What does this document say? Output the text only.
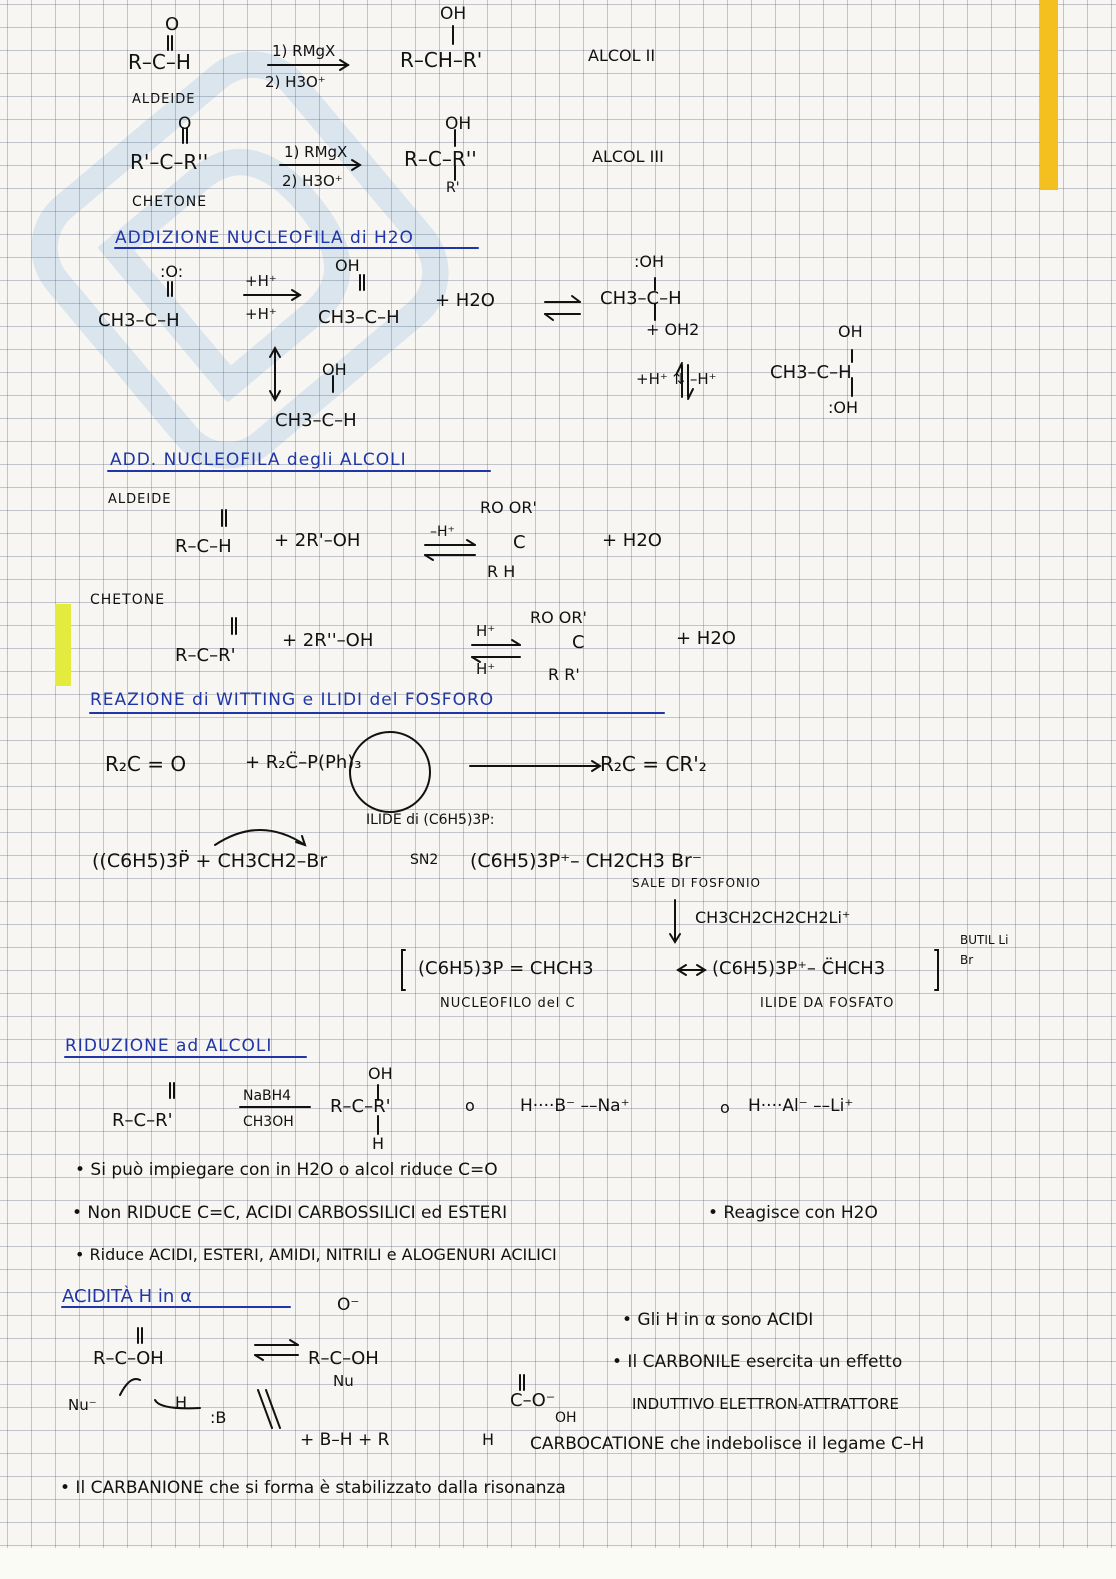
O
R–C–H	1) RMgX
2) H3O⁺
OH
R–CH–R'	ALCOL II
ALDEIDE
O
R'–C–R''	1) RMgX
2) H3O⁺
OH
R–C–R''
R'
ALCOL III
CHETONE
ADDIZIONE NUCLEOFILA di H2O
:O:
CH3–C–H
+H⁺
+H⁺
OH
CH3–C–H
+ H2O
:OH
CH3–C–H
+ OH2
+H⁺ ⇅ –H⁺
OH
CH3–C–H
:OH
OH
CH3–C–H
ADD. NUCLEOFILA degli ALCOLI
ALDEIDE
R–C–H + 2R'–OH	–H⁺
RO OR'
C
R H
+ H2O
CHETONE
R–C–R'
+ 2R''–OH	H⁺
H⁺
RO OR'
C
R R'
+ H2O
REAZIONE di WITTING e ILIDI del FOSFORO
R₂C = O	+ R₂C̈–P(Ph)₃	R₂C = CR'₂
ILIDE di (C6H5)3P:
((C6H5)3P̈ + CH3CH2–Br	SN2 (C6H5)3P⁺– CH2CH3 Br⁻
SALE DI FOSFONIO
CH3CH2CH2CH2Li⁺
BUTIL Li Br
(C6H5)3P = CHCH3	(C6H5)3P⁺– C̈HCH3
NUCLEOFILO del C	ILIDE DA FOSFATO
RIDUZIONE ad ALCOLI
R–C–R'
NaBH4
CH3OH
OH
R–C–R'
H
o	H····B⁻ ––Na⁺	o H····Al⁻ ––Li⁺
• Si può impiegare con in H2O o alcol riduce C=O
• Non RIDUCE C=C, ACIDI CARBOSSILICI ed ESTERI	• Reagisce con H2O
• Riduce ACIDI, ESTERI, AMIDI, NITRILI e ALOGENURI ACILICI
ACIDITÀ H in α
R–C–OH
H
:B
Nu⁻
O⁻
R–C–OH
Nu
+ B–H + R
C–O⁻
OH
H
• Gli H in α sono ACIDI
• Il CARBONILE esercita un effetto
INDUTTIVO ELETTRON-ATTRATTORE
CARBOCATIONE che indebolisce il legame C–H
• Il CARBANIONE che si forma è stabilizzato dalla risonanza
